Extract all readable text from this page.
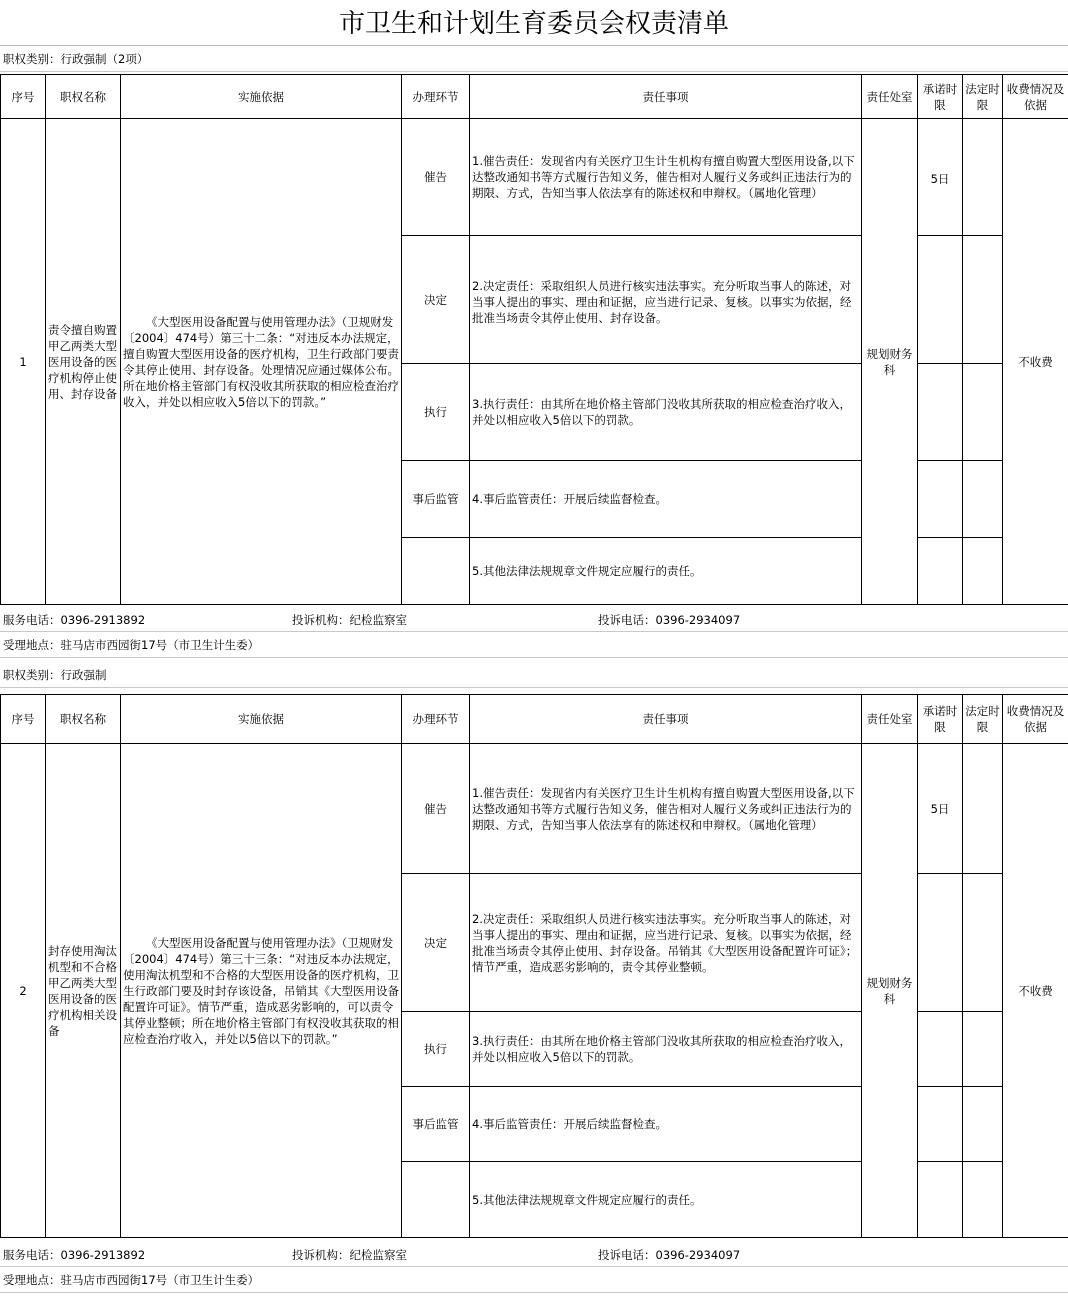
市卫生和计划生育委员会权责清单
职权类别：行政强制（2项）
序号	职权名称	实施依据	办理环节	责任事项	责任处室	承诺时限	法定时限	收费情况及依据
1	责令擅自购置甲乙两类大型医用设备的医疗机构停止使用、封存设备	《大型医用设备配置与使用管理办法》（卫规财发〔2004〕474号）第三十二条：“对违反本办法规定，擅自购置大型医用设备的医疗机构，卫生行政部门要责令其停止使用、封存设备。处理情况应通过媒体公布。所在地价格主管部门有权没收其所获取的相应检查治疗收入，并处以相应收入5倍以下的罚款。”	催告	1.催告责任：发现省内有关医疗卫生计生机构有擅自购置大型医用设备,以下达整改通知书等方式履行告知义务，催告相对人履行义务或纠正违法行为的期限、方式，告知当事人依法享有的陈述权和申辩权。（属地化管理）	规划财务科	5日		不收费
			决定	2.决定责任：采取组织人员进行核实违法事实。充分听取当事人的陈述，对当事人提出的事实、理由和证据，应当进行记录、复核。以事实为依据，经批准当场责令其停止使用、封存设备。				
			执行	3.执行责任：由其所在地价格主管部门没收其所获取的相应检查治疗收入，并处以相应收入5倍以下的罚款。				
			事后监管	4.事后监管责任：开展后续监督检查。				
				5.其他法律法规规章文件规定应履行的责任。				
服务电话：0396-2913892	投诉机构：纪检监察室	投诉电话：0396-2934097
受理地点：驻马店市西园街17号（市卫生计生委）
职权类别：行政强制
序号	职权名称	实施依据	办理环节	责任事项	责任处室	承诺时限	法定时限	收费情况及依据
2	封存使用淘汰机型和不合格甲乙两类大型医用设备的医疗机构相关设备	《大型医用设备配置与使用管理办法》（卫规财发〔2004〕474号）第三十三条：“对违反本办法规定，使用淘汰机型和不合格的大型医用设备的医疗机构，卫生行政部门要及时封存该设备，吊销其《大型医用设备配置许可证》。情节严重，造成恶劣影响的，可以责令其停业整顿；所在地价格主管部门有权没收其获取的相应检查治疗收入，并处以5倍以下的罚款。”	催告	1.催告责任：发现省内有关医疗卫生计生机构有擅自购置大型医用设备,以下达整改通知书等方式履行告知义务，催告相对人履行义务或纠正违法行为的期限、方式，告知当事人依法享有的陈述权和申辩权。（属地化管理）	规划财务科	5日		不收费
			决定	2.决定责任：采取组织人员进行核实违法事实。充分听取当事人的陈述，对当事人提出的事实、理由和证据，应当进行记录、复核。以事实为依据，经批准当场责令其停止使用、封存设备。吊销其《大型医用设备配置许可证》；情节严重，造成恶劣影响的，责令其停业整顿。				
			执行	3.执行责任：由其所在地价格主管部门没收其所获取的相应检查治疗收入，并处以相应收入5倍以下的罚款。				
			事后监管	4.事后监管责任：开展后续监督检查。				
				5.其他法律法规规章文件规定应履行的责任。				
服务电话：0396-2913892	投诉机构：纪检监察室	投诉电话：0396-2934097
受理地点：驻马店市西园街17号（市卫生计生委）
